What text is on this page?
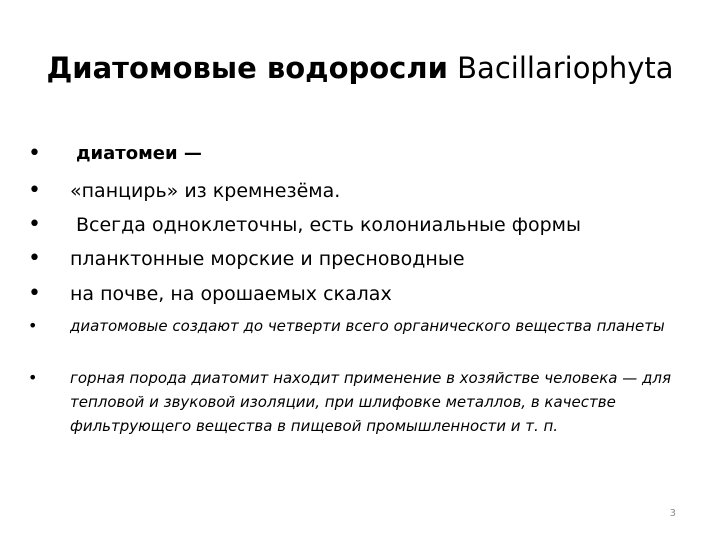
Диатомовые водоросли Bacillariophyta
• диатомеи —
• «панцирь» из кремнезёма.
• Всегда одноклеточны, есть колониальные формы
• планктонные морские и пресноводные
• на почве, на орошаемых скалах
• диатомовые создают до четверти всего органического вещества планеты
• горная порода диатомит находит применение в хозяйстве человека — для тепловой и звуковой изоляции, при шлифовке металлов, в качестве фильтрующего вещества в пищевой промышленности и т. п.
3
